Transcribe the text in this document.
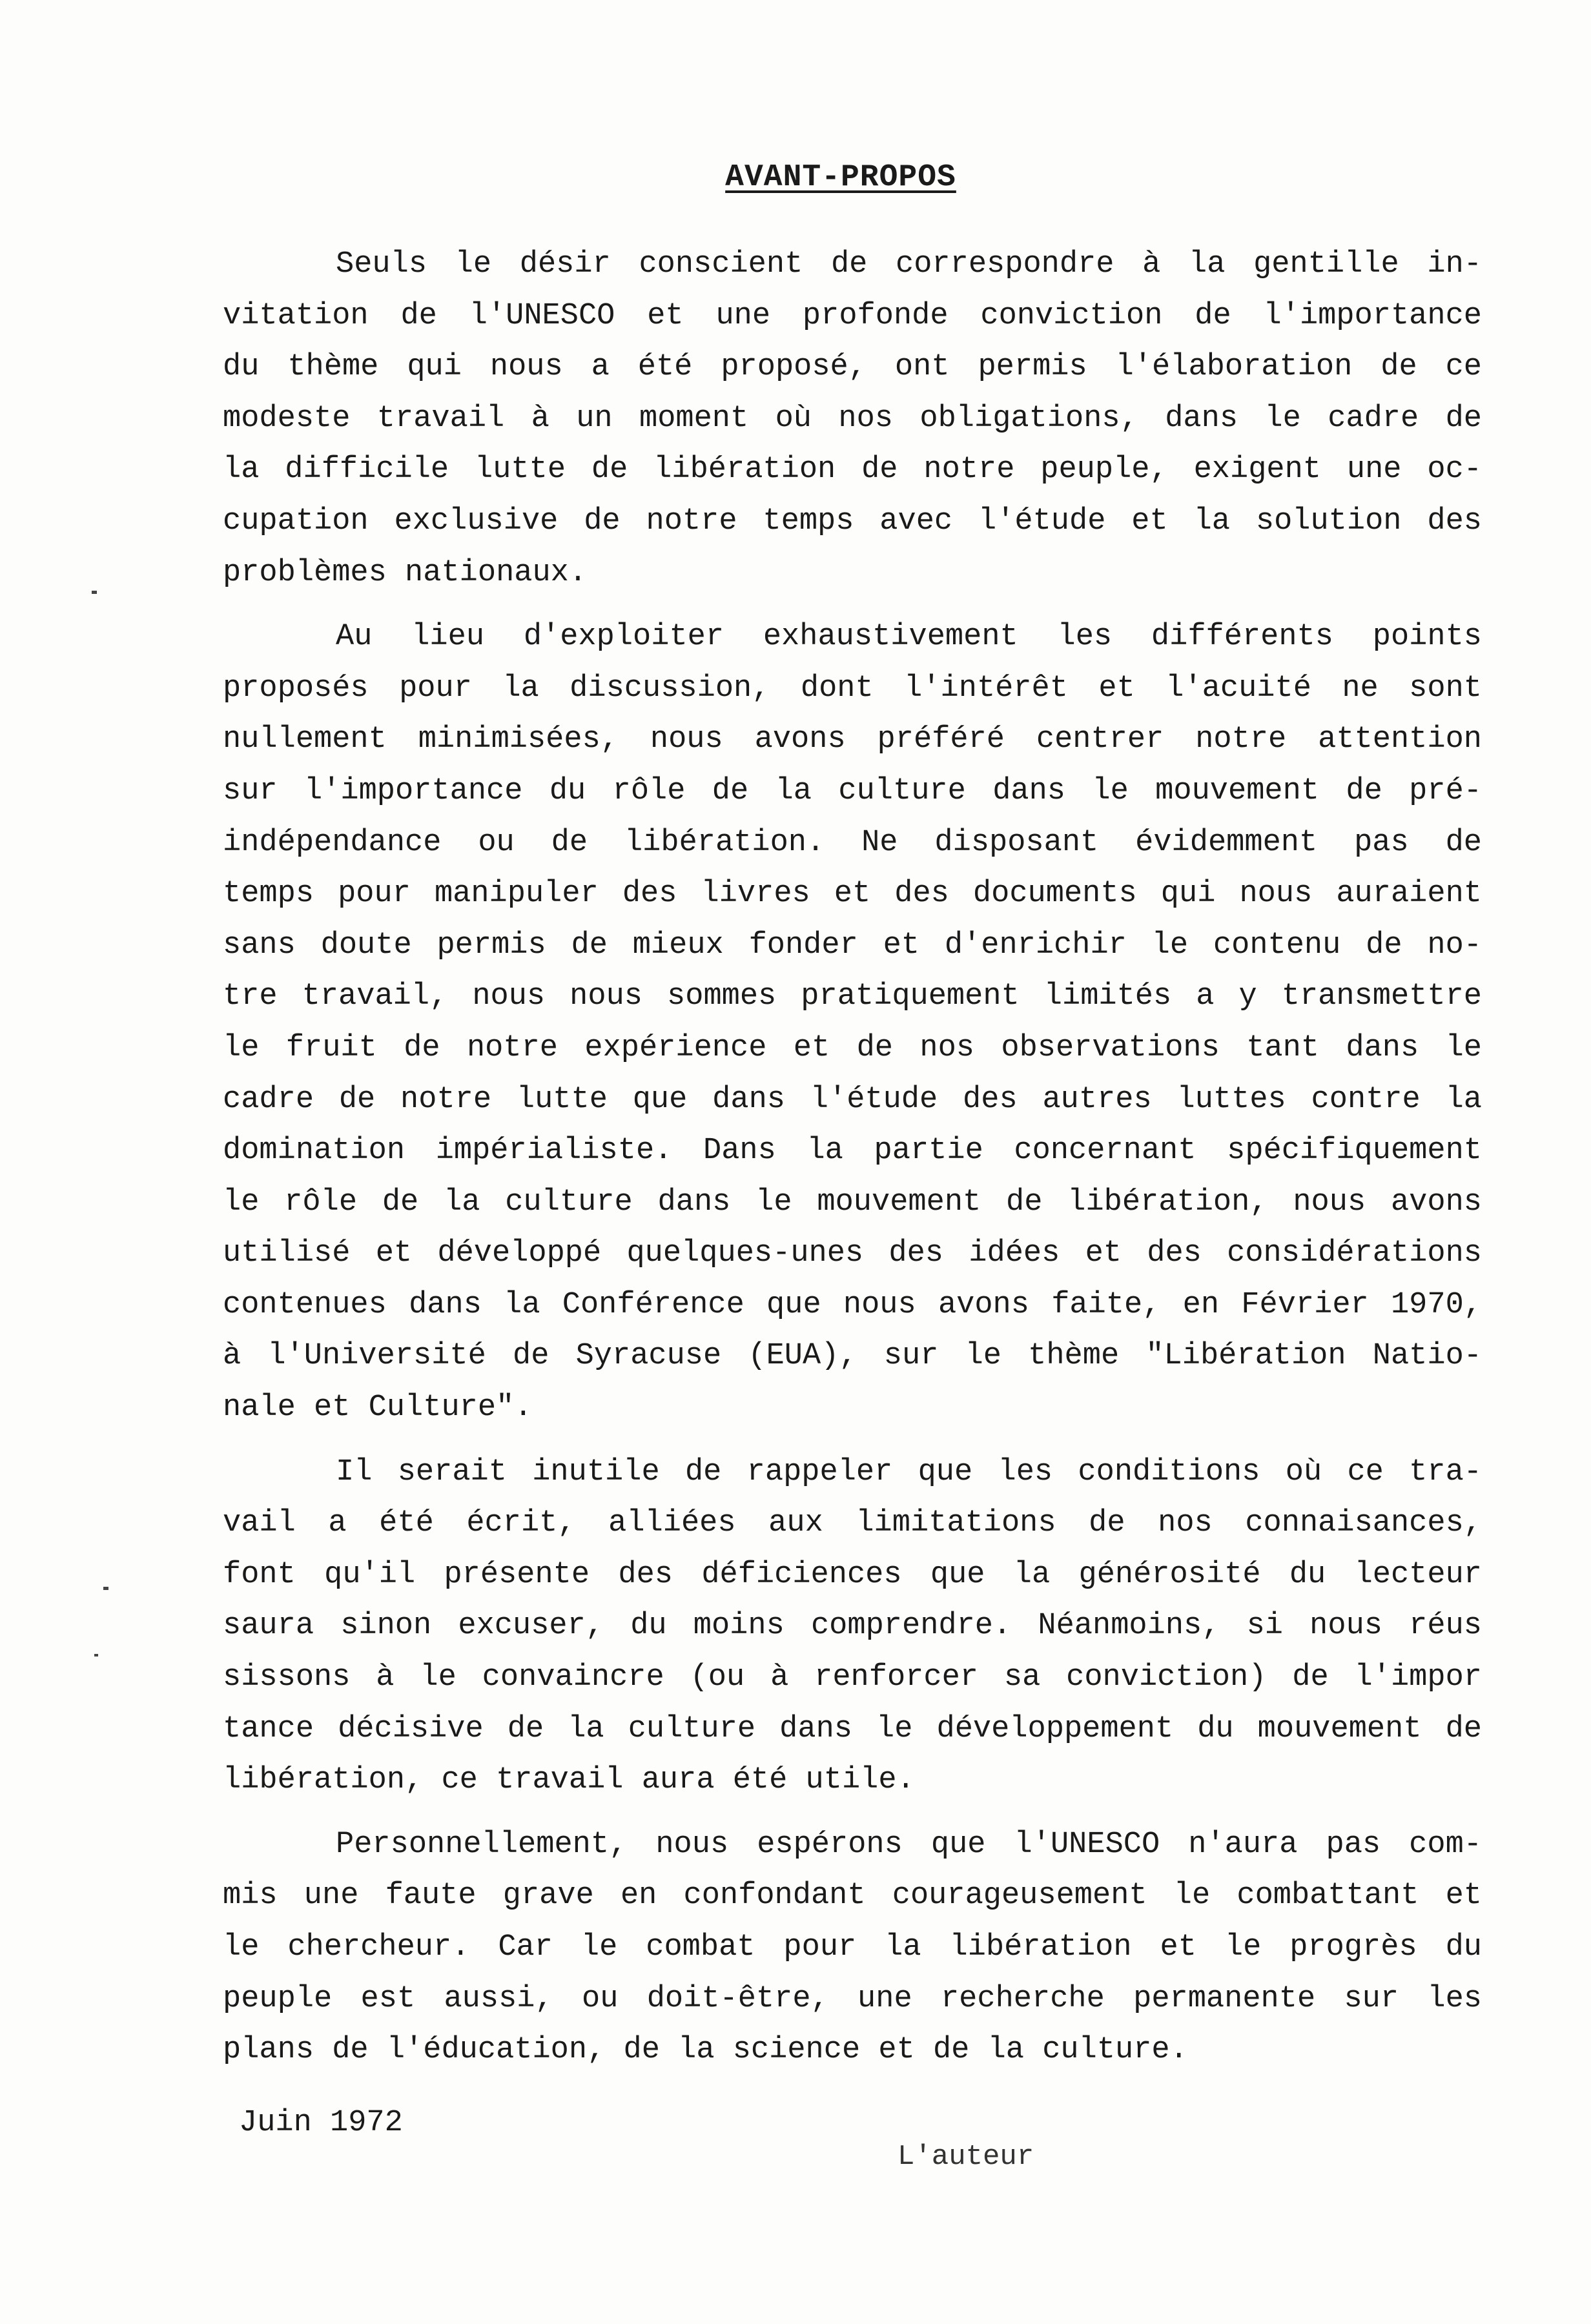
AVANT-PROPOS
Seuls le désir conscient de correspondre à la gentille in-
vitation de l'UNESCO et une profonde conviction de l'importance
du thème qui nous a été proposé, ont permis l'élaboration de ce
modeste travail à un moment où nos obligations, dans le cadre de
la difficile lutte de libération de notre peuple, exigent une oc-
cupation exclusive de notre temps avec l'étude et la solution des
problèmes nationaux.
Au lieu d'exploiter exhaustivement les différents points
proposés pour la discussion, dont l'intérêt et l'acuité ne sont
nullement minimisées, nous avons préféré centrer notre attention
sur l'importance du rôle de la culture dans le mouvement de pré-
indépendance ou de libération. Ne disposant évidemment pas de
temps pour manipuler des livres et des documents qui nous auraient
sans doute permis de mieux fonder et d'enrichir le contenu de no-
tre travail, nous nous sommes pratiquement limités a y transmettre
le fruit de notre expérience et de nos observations tant dans le
cadre de notre lutte que dans l'étude des autres luttes contre la
domination impérialiste. Dans la partie concernant spécifiquement
le rôle de la culture dans le mouvement de libération, nous avons
utilisé et développé quelques-unes des idées et des considérations
contenues dans la Conférence que nous avons faite, en Février 1970,
à l'Université de Syracuse (EUA), sur le thème "Libération Natio-
nale et Culture".
Il serait inutile de rappeler que les conditions où ce tra-
vail a été écrit, alliées aux limitations de nos connaisances,
font qu'il présente des déficiences que la générosité du lecteur
saura sinon excuser, du moins comprendre. Néanmoins, si nous réus
sissons à le convaincre (ou à renforcer sa conviction) de l'impor
tance décisive de la culture dans le développement du mouvement de
libération, ce travail aura été utile.
Personnellement, nous espérons que l'UNESCO n'aura pas com-
mis une faute grave en confondant courageusement le combattant et
le chercheur. Car le combat pour la libération et le progrès du
peuple est aussi, ou doit-être, une recherche permanente sur les
plans de l'éducation, de la science et de la culture.
Juin 1972
L'auteur
